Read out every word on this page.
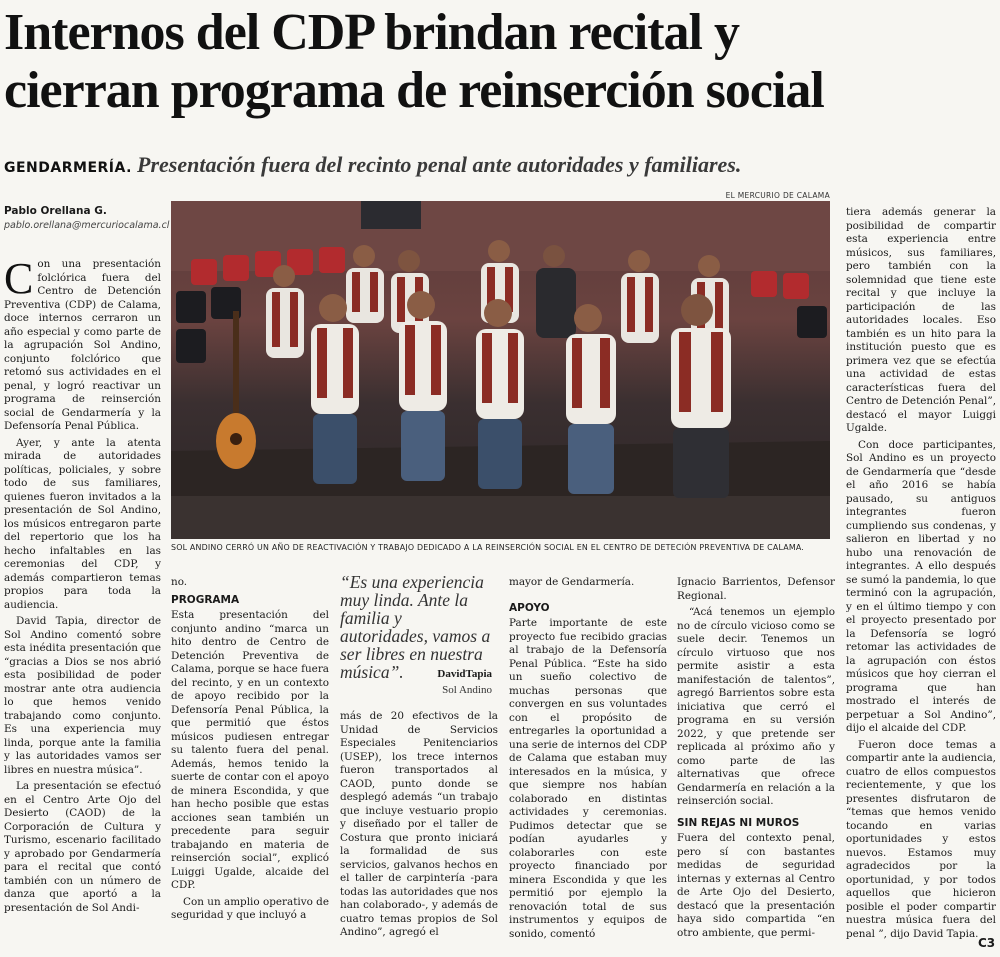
Internos del CDP brindan recital y
cierran programa de reinserción social
GENDARMERÍA. Presentación fuera del recinto penal ante autoridades y familiares.
Pablo Orellana G.
pablo.orellana@mercuriocalama.cl
EL MERCURIO DE CALAMA
SOL ANDINO CERRÓ UN AÑO DE REACTIVACIÓN Y TRABAJO DEDICADO A LA REINSERCIÓN SOCIAL EN EL CENTRO DE DETECIÓN PREVENTIVA DE CALAMA.

Con una presentación folclórica fuera del Centro de Detención Preventiva (CDP) de Calama, doce internos cerraron un año especial y como parte de la agrupación Sol Andino, conjunto folclórico que retomó sus actividades en el penal, y logró reactivar un programa de reinserción social de Gendarmería y la Defensoría Penal Pública.

Ayer, y ante la atenta mirada de autoridades políticas, policiales, y sobre todo de sus familiares, quienes fueron invitados a la presentación de Sol Andino, los músicos entregaron parte del repertorio que los ha hecho infaltables en las ceremonias del CDP, y además compartieron temas propios para toda la audiencia.

David Tapia, director de Sol Andino comentó sobre esta inédita presentación que “gracias a Dios se nos abrió esta posibilidad de poder mostrar ante otra audiencia lo que hemos venido trabajando como conjunto. Es una experiencia muy linda, porque ante la familia y las autoridades vamos ser libres en nuestra música”.

La presentación se efectuó en el Centro Arte Ojo del Desierto (CAOD) de la Corporación de Cultura y Turismo, escenario facilitado y aprobado por Gendarmería para el recital que contó también con un número de danza que aportó a la presentación de Sol Andi-

no.

PROGRAMA

Esta presentación del conjunto andino “marca un hito dentro de Centro de Detención Preventiva de Calama, porque se hace fuera del recinto, y en un contexto de apoyo recibido por la Defensoría Penal Pública, la que permitió que éstos músicos pudiesen entregar su talento fuera del penal. Además, hemos tenido la suerte de contar con el apoyo de minera Escondida, y que han hecho posible que estas acciones sean también un precedente para seguir trabajando en materia de reinserción social”, explicó Luiggi Ugalde, alcaide del CDP.

Con un amplio operativo de seguridad y que incluyó a

“Es una experiencia muy linda. Ante la familia y autoridades, vamos a ser libres en nuestra música”.	DavidTapia
Sol Andino

más de 20 efectivos de la Unidad de Servicios Especiales Penitenciarios (USEP), los trece internos fueron transportados al CAOD, punto donde se desplegó además “un trabajo que incluye vestuario propio y diseñado por el taller de Costura que pronto iniciará la formalidad de sus servicios, galvanos hechos en el taller de carpintería -para todas las autoridades que nos han colaborado-, y además de cuatro temas propios de Sol Andino”, agregó el

mayor de Gendarmería.

APOYO

Parte importante de este proyecto fue recibido gracias al trabajo de la Defensoría Penal Pública. “Este ha sido un sueño colectivo de muchas personas que convergen en sus voluntades con el propósito de entregarles la oportunidad a una serie de internos del CDP de Calama que estaban muy interesados en la música, y que siempre nos habían colaborado en distintas actividades y ceremonias. Pudimos detectar que se podían ayudarles y colaborarles con este proyecto financiado por minera Escondida y que les permitió por ejemplo la renovación total de sus instrumentos y equipos de sonido, comentó

Ignacio Barrientos, Defensor Regional.

“Acá tenemos un ejemplo no de círculo vicioso como se suele decir. Tenemos un círculo virtuoso que nos permite asistir a esta manifestación de talentos”, agregó Barrientos sobre esta iniciativa que cerró el programa en su versión 2022, y que pretende ser replicada al próximo año y como parte de las alternativas que ofrece Gendarmería en relación a la reinserción social.

SIN REJAS NI MUROS

Fuera del contexto penal, pero sí con bastantes medidas de seguridad internas y externas al Centro de Arte Ojo del Desierto, destacó que la presentación haya sido compartida “en otro ambiente, que permi-

tiera además generar la posibilidad de compartir esta experiencia entre músicos, sus familiares, pero también con la solemnidad que tiene este recital y que incluye la participación de las autoridades locales. Eso también es un hito para la institución puesto que es primera vez que se efectúa una actividad de estas características fuera del Centro de Detención Penal”, destacó el mayor Luiggi Ugalde.

Con doce participantes, Sol Andino es un proyecto de Gendarmería que “desde el año 2016 se había pausado, su antiguos integrantes fueron cumpliendo sus condenas, y salieron en libertad y no hubo una renovación de integrantes. A ello después se sumó la pandemia, lo que terminó con la agrupación, y en el último tiempo y con el proyecto presentado por la Defensoría se logró retomar las actividades de la agrupación con éstos músicos que hoy cierran el programa que han mostrado el interés de perpetuar a Sol Andino”, dijo el alcaide del CDP.

Fueron doce temas a compartir ante la audiencia, cuatro de ellos compuestos recientemente, y que los presentes disfrutaron de “temas que hemos venido tocando en varias oportunidades y estos nuevos. Estamos muy agradecidos por la oportunidad, y por todos aquellos que hicieron posible el poder compartir nuestra música fuera del penal ”, dijo David Tapia.

C3
